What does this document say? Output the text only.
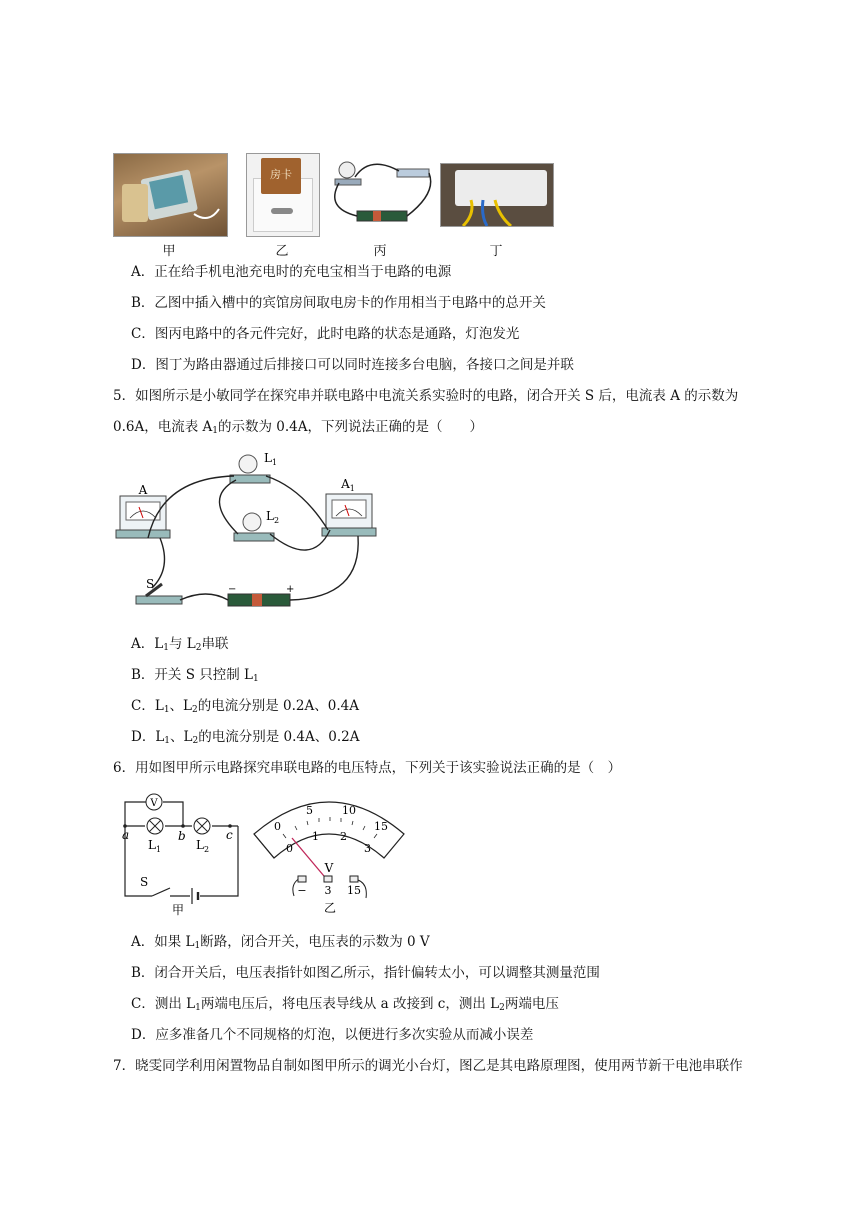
甲
房卡
乙	丙	丁
A．正在给手机电池充电时的充电宝相当于电路的电源
B．乙图中插入槽中的宾馆房间取电房卡的作用相当于电路中的总开关
C．图丙电路中的各元件完好，此时电路的状态是通路，灯泡发光
D．图丁为路由器通过后排接口可以同时连接多台电脑，各接口之间是并联
5．如图所示是小敏同学在探究串并联电路中电流关系实验时的电路，闭合开关 S 后，电流表 A 的示数为
0.6A，电流表 $A_1$的示数为 0.4A，下列说法正确的是（　　）
A	$A_1$
$L_1$
$L_2$
S	−	+
A．$L_1$与 $L_2$串联
B．开关 S 只控制 $L_1$
C．$L_1$、$L_2$的电流分别是 0.2A、0.4A
D．$L_1$、$L_2$的电流分别是 0.4A、0.2A
6．用如图甲所示电路探究串联电路的电压特点，下列关于该实验说法正确的是（　）
V
a	b	c
$L_1$	$L_2$
S
甲
0
5	10
15
0
1 2
3
V
− 3 15
乙
A．如果 $L_1$断路，闭合开关，电压表的示数为 0 V
B．闭合开关后，电压表指针如图乙所示，指针偏转太小，可以调整其测量范围
C．测出 $L_1$两端电压后，将电压表导线从 a 改接到 c，测出 $L_2$两端电压
D．应多准备几个不同规格的灯泡，以便进行多次实验从而减小误差
7．晓雯同学利用闲置物品自制如图甲所示的调光小台灯，图乙是其电路原理图，使用两节新干电池串联作
